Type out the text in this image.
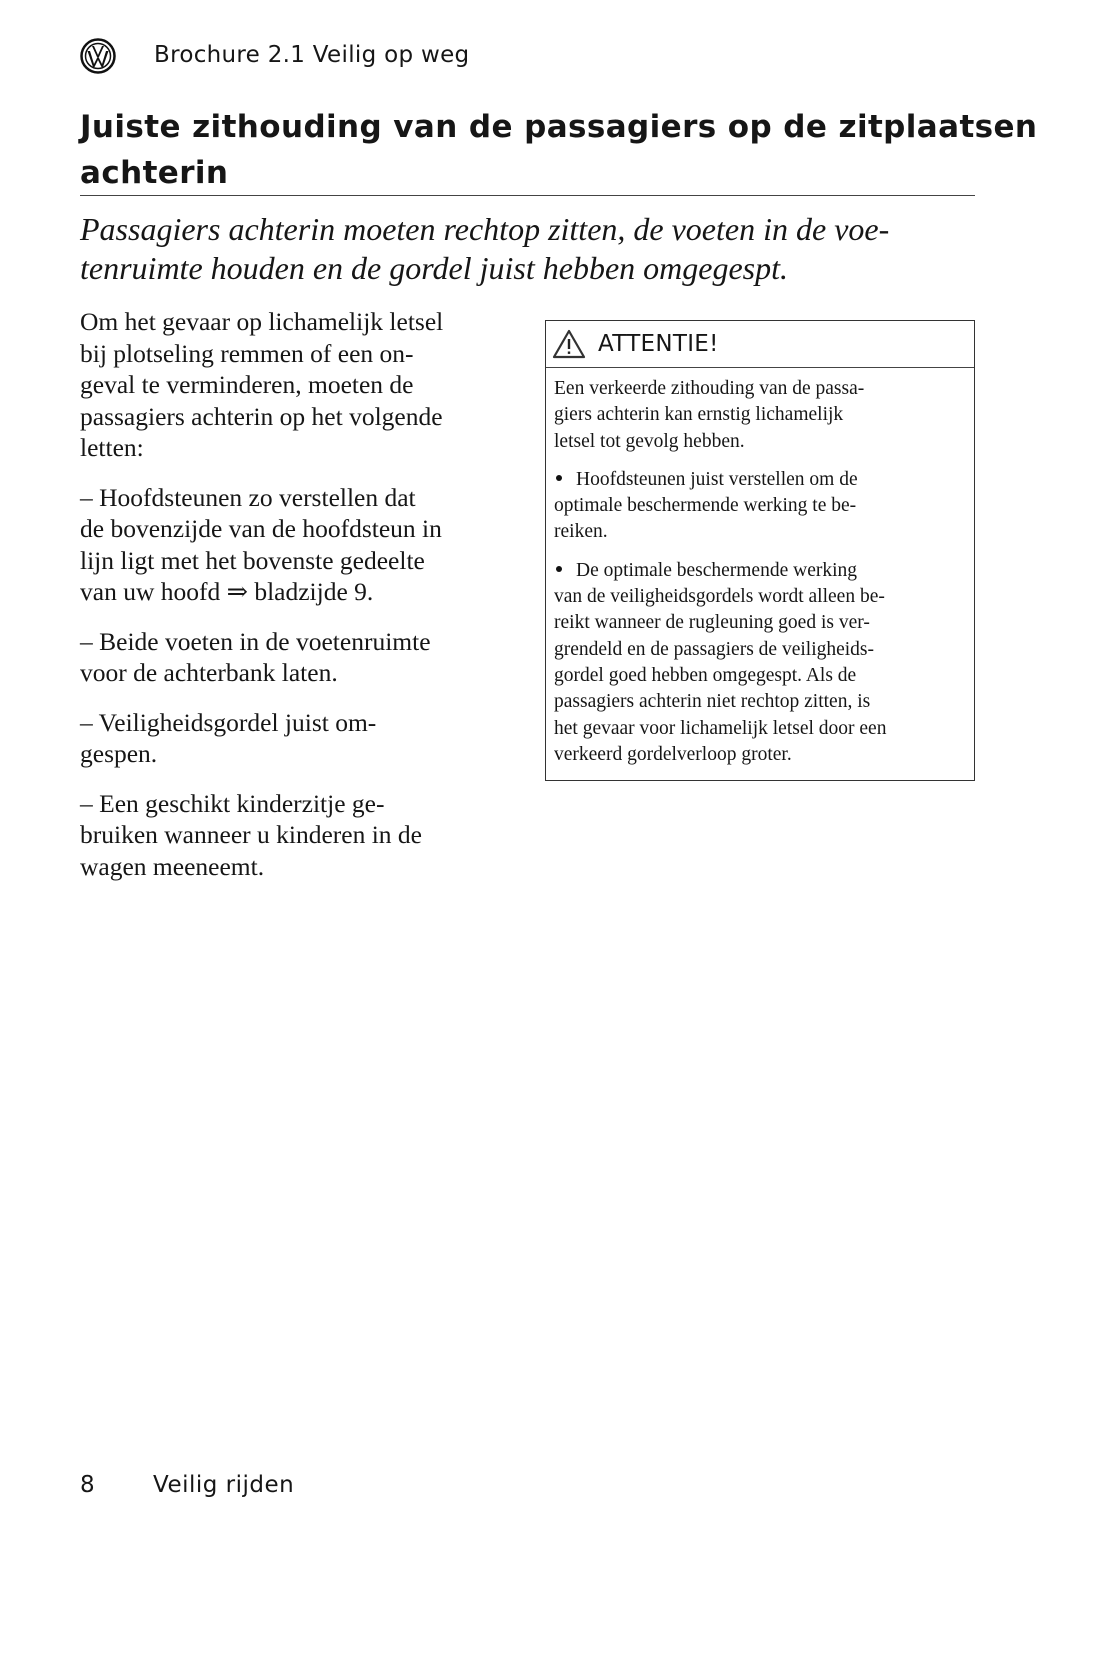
Brochure 2.1 Veilig op weg
Juiste zithouding van de passagiers op de zitplaatsen
achterin
Passagiers achterin moeten rechtop zitten, de voeten in de voe-
tenruimte houden en de gordel juist hebben omgegespt.
Om het gevaar op lichamelijk letsel
bij plotseling remmen of een on-
geval te verminderen, moeten de
passagiers achterin op het volgende
letten:
– Hoofdsteunen zo verstellen dat
de bovenzijde van de hoofdsteun in
lijn ligt met het bovenste gedeelte
van uw hoofd ⇒ bladzijde 9.
– Beide voeten in de voetenruimte
voor de achterbank laten.
– Veiligheidsgordel juist om-
gespen.
– Een geschikt kinderzitje ge-
bruiken wanneer u kinderen in de
wagen meeneemt.
ATTENTIE!
Een verkeerde zithouding van de passa-
giers achterin kan ernstig lichamelijk
letsel tot gevolg hebben.
Hoofdsteunen juist verstellen om de
optimale beschermende werking te be-
reiken.
De optimale beschermende werking
van de veiligheidsgordels wordt alleen be-
reikt wanneer de rugleuning goed is ver-
grendeld en de passagiers de veiligheids-
gordel goed hebben omgegespt. Als de
passagiers achterin niet rechtop zitten, is
het gevaar voor lichamelijk letsel door een
verkeerd gordelverloop groter.
8	Veilig rijden
